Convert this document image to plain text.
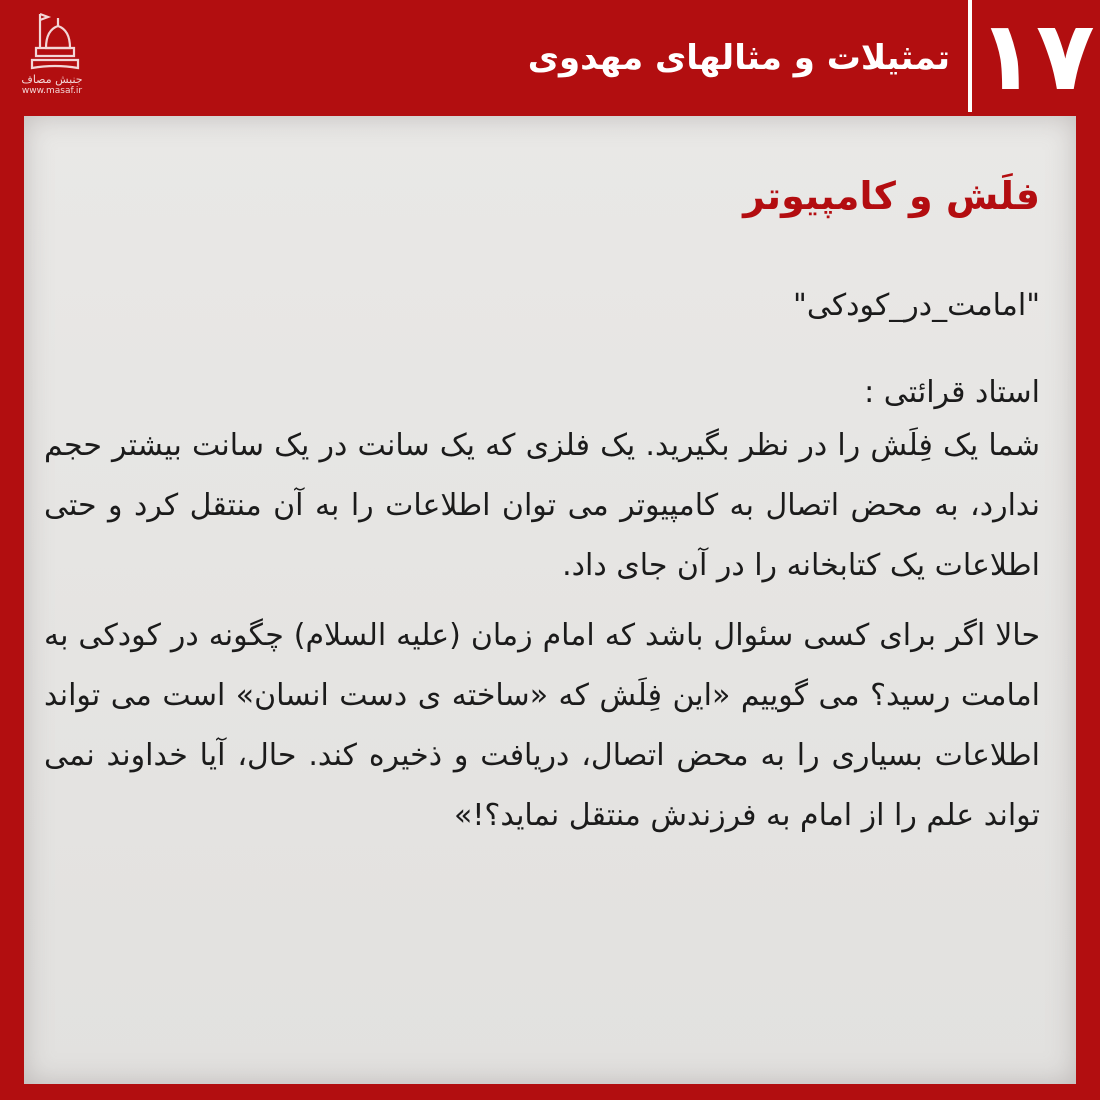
جنبش مصاف
www.masaf.ir
تمثیلات و مثالهای مهدوی ۱۷
فلَش و کامپیوتر

"امامت_در_کودکی"

استاد قرائتی :

شما یک فِلَش را در نظر بگیرید. یک فلزی که یک سانت در یک سانت بیشتر حجم ندارد، به محض اتصال به کامپیوتر می توان اطلاعات را به آن منتقل کرد و حتی اطلاعات یک کتابخانه را در آن جای داد.

حالا اگر برای کسی سئوال باشد که امام زمان (علیه السلام) چگونه در کودکی به امامت رسید؟ می گوییم «این فِلَش که «ساخته ی دست انسان» است می تواند اطلاعات بسیاری را به محض اتصال، دریافت و ذخیره کند. حال، آیا خداوند نمی تواند علم را از امام به فرزندش منتقل نماید؟!»
